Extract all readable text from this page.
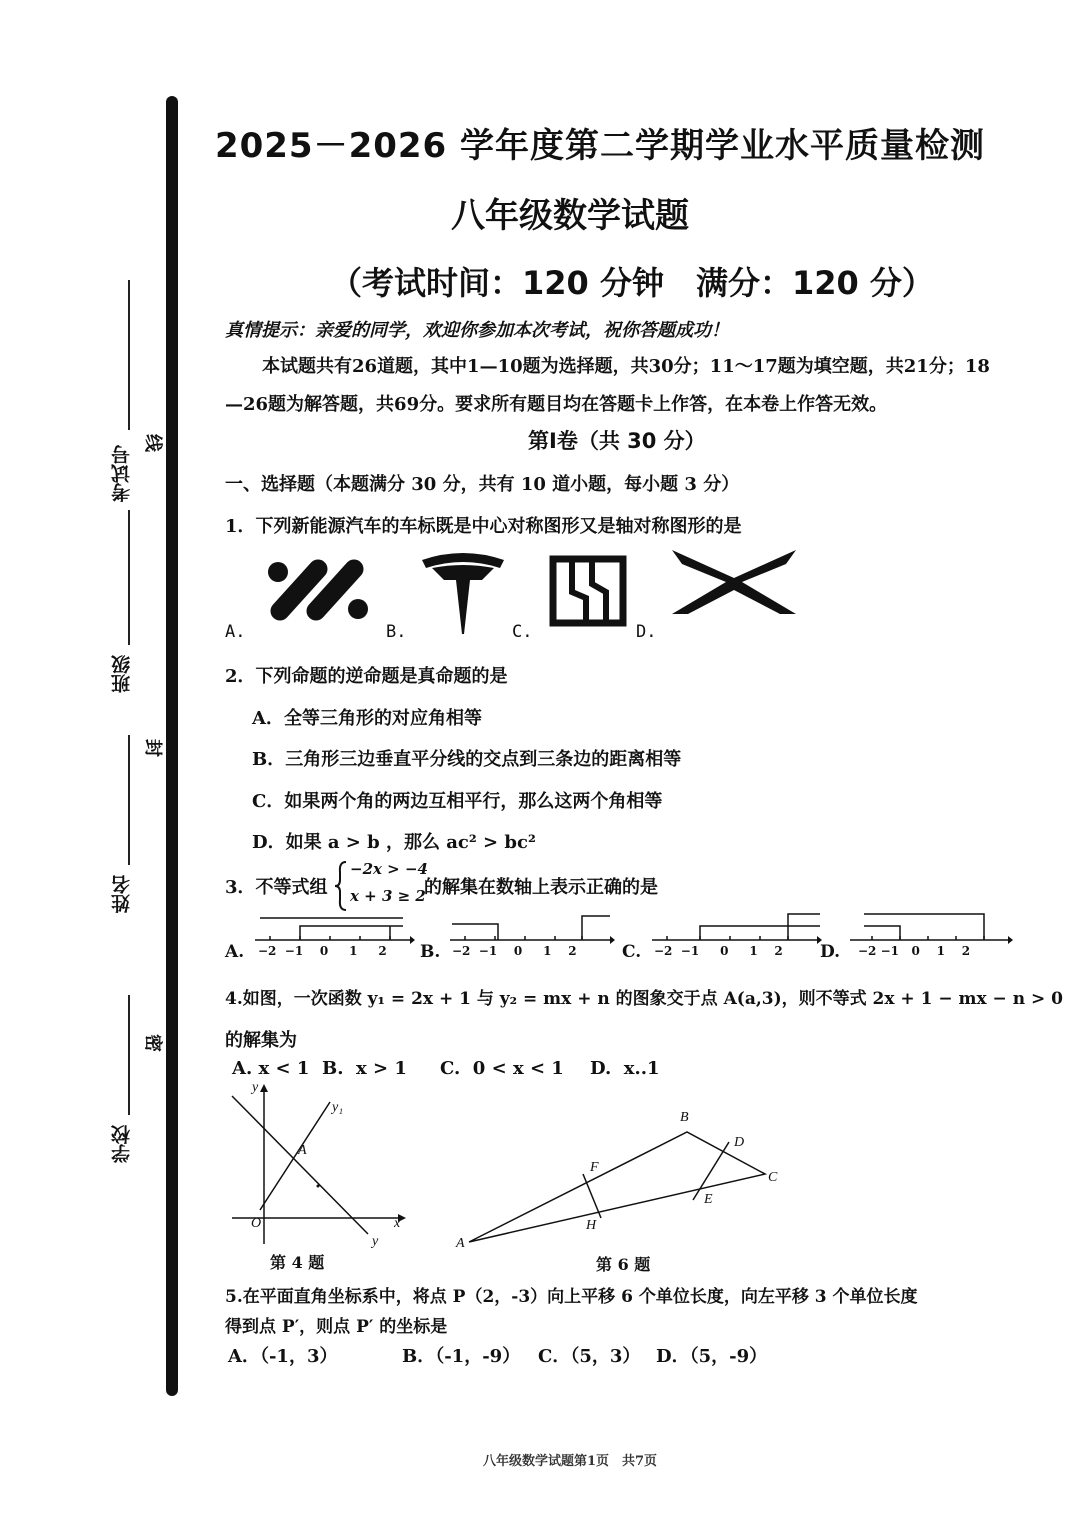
考试号
班级
姓名
学校
线
封
密
2025－2026 学年度第二学期学业水平质量检测
八年级数学试题
（考试时间：120 分钟　满分：120 分）
真情提示：亲爱的同学，欢迎你参加本次考试，祝你答题成功！
本试题共有26道题，其中1—10题为选择题，共30分；11～17题为填空题，共21分；18
—26题为解答题，共69分。要求所有题目均在答题卡上作答，在本卷上作答无效。
第Ⅰ卷（共 30 分）
一、选择题（本题满分 30 分，共有 10 道小题，每小题 3 分）
1．下列新能源汽车的车标既是中心对称图形又是轴对称图形的是
A.	B.	C.	D.
2．下列命题的逆命题是真命题的是
A．全等三角形的对应角相等
B．三角形三边垂直平分线的交点到三条边的距离相等
C．如果两个角的两边互相平行，那么这两个角相等
D．如果 a > b ，那么 ac² > bc²
3．不等式组
−2x > −4
x + 3 ≥ 2
的解集在数轴上表示正确的是
A. −2 −1 0 1 2 B. −2 −1 0 1 2	C. −2 −1 0 1 2 D. −2 −1 0 1 2
4.如图，一次函数 y₁ = 2x + 1 与 y₂ = mx + n 的图象交于点 A(a,3)，则不等式 2x + 1 − mx − n > 0
的解集为
A. x < 1 B.  x > 1 C.  0 < x < 1 D.  x..1
y
y₁
A
O	x
y
第 4 题
B
D
C
F
E
H
A
第 6 题
5.在平面直角坐标系中，将点 P（2，-3）向上平移 6 个单位长度，向左平移 3 个单位长度
得到点 P′，则点 P′ 的坐标是
A．（-1，3）	B．（-1，-9） C．（5，3） D．（5，-9）
八年级数学试题第1页　共7页
